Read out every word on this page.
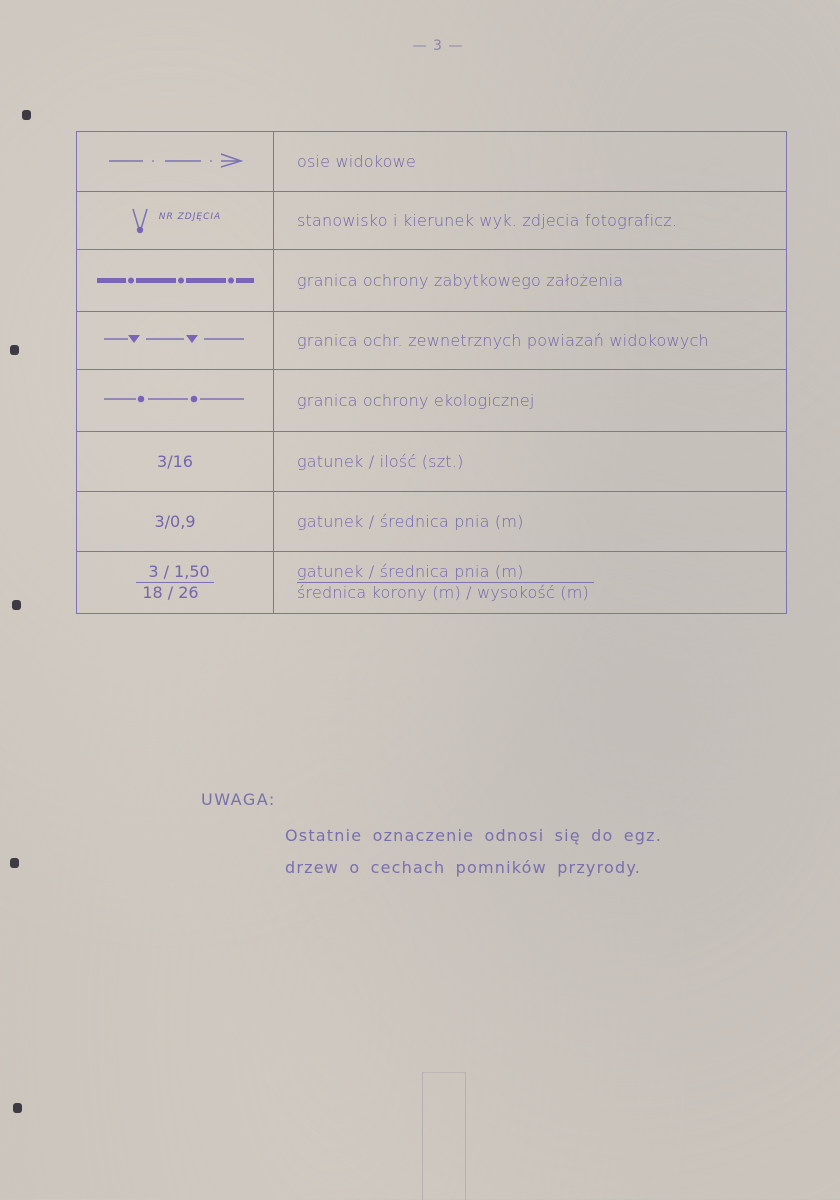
— 3 —
	osie widokowe
$^{NR ZDJĘCIA}$	stanowisko i kierunek wyk. zdjecia fotograficz.
	granica ochrony zabytkowego założenia
	granica ochr. zewnetrznych powiazań widokowych
	granica ochrony ekologicznej
3/16	gatunek / ilość (szt.)
3/0,9	gatunek / średnica pnia (m)

$\frac{3 / 1,50}{18 / 26}$	$\frac{\text{gatunek / średnica pnia (m)}}{\text{średnica korony (m) / wysokość (m)}}$
UWAGA:
Ostatnie oznaczenie odnosi się do egz.
drzew o cechach pomników przyrody.
